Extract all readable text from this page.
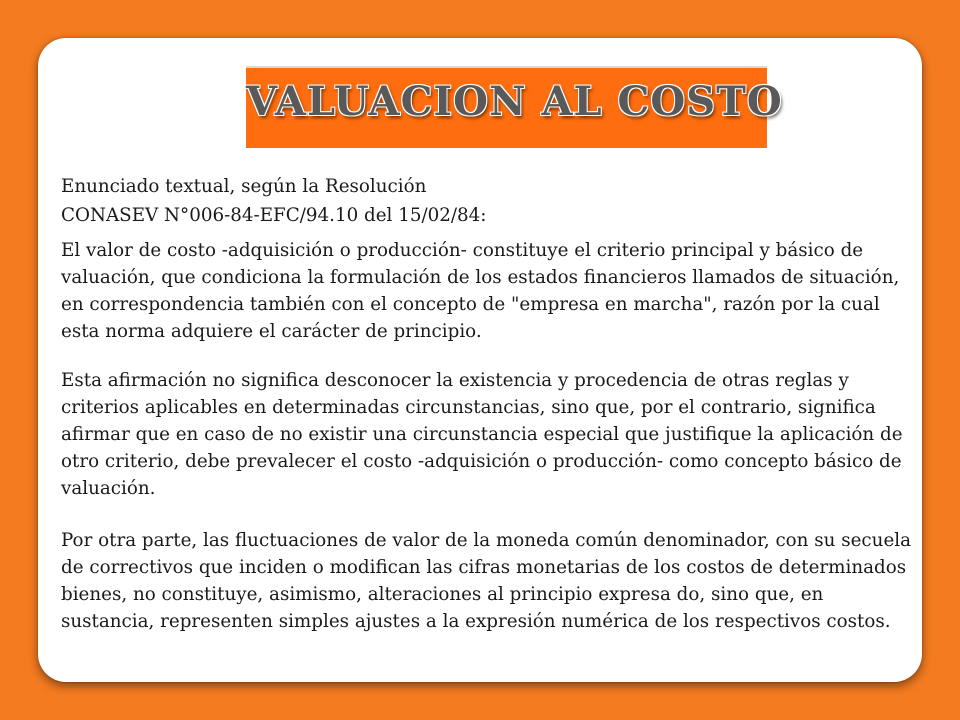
VALUACION AL COSTO
Enunciado textual, según la Resolución
CONASEV N°006-84-EFC/94.10 del 15/02/84:

El valor de costo -adquisición o producción- constituye el criterio principal y básico de valuación, que condiciona la formulación de los estados financieros llamados de situación, en correspondencia también con el concepto de "empresa en marcha", razón por la cual esta norma adquiere el carácter de principio.

Esta afirmación no significa desconocer la existencia y procedencia de otras reglas y criterios aplicables en determinadas circunstancias, sino que, por el contrario, significa afirmar que en caso de no existir una circunstancia especial que justifique la aplicación de otro criterio, debe prevalecer el costo -adquisición o producción- como concepto básico de valuación.

Por otra parte, las fluctuaciones de valor de la moneda común denominador, con su secuela de correctivos que inciden o modifican las cifras monetarias de los costos de determinados bienes, no constituye, asimismo, alteraciones al principio expresa do, sino que, en sustancia, representen simples ajustes a la expresión numérica de los respectivos costos.
